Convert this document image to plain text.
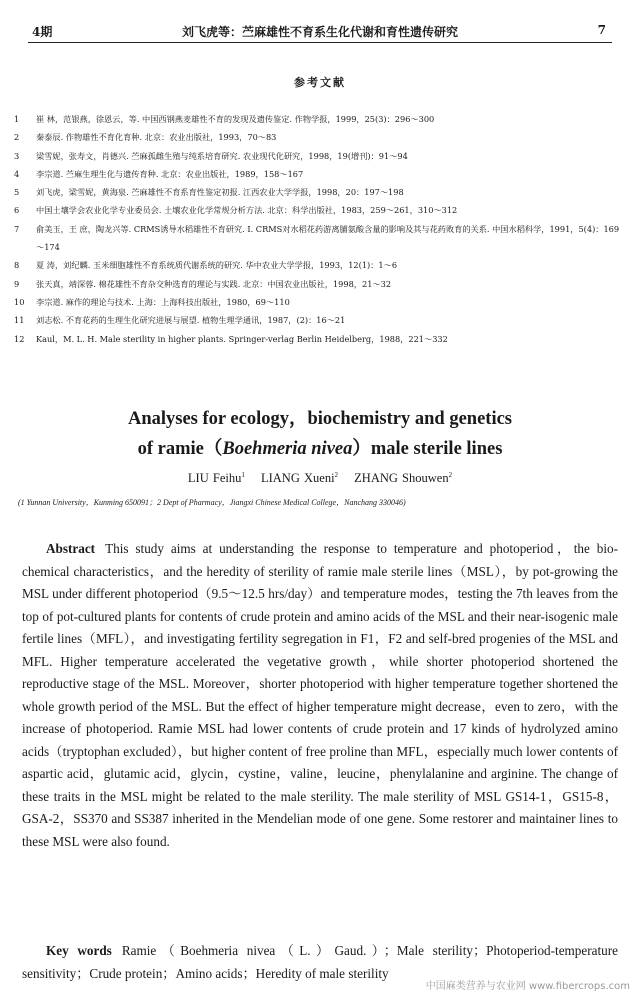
4期	刘飞虎等：苎麻雄性不育系生化代谢和育性遗传研究	7
参考文献
1	崔 林，范银燕，徐恩云，等. 中国西钢燕麦雄性不育的发现及遗传鉴定. 作物学报，1999，25(3)：296～300
2	秦泰辰. 作物雄性不育化育种. 北京：农业出版社，1993，70～83
3	梁雪妮，张寿文，肖德兴. 苎麻孤雌生殖与纯系培育研究. 农业现代化研究，1998，19(增刊)：91～94
4	李宗道. 苎麻生理生化与遗传育种. 北京：农业出版社，1989，158～167
5	刘飞虎，梁雪妮，黄海泉. 苎麻雄性不育系育性鉴定初报. 江西农业大学学报，1998，20：197～198
6	中国土壤学会农业化学专业委员会. 土壤农业化学常规分析方法. 北京：科学出版社，1983，259～261，310～312
7	俞美玉，王 庶，陶龙兴等. CRMS诱导水稻雄性不育研究. Ⅰ. CRMS对水稻花药游离脯氨酸含量的影响及其与花药败育的关系. 中国水稻科学，1991，5(4)：169～174
8	夏 涛，刘纪麟. 玉米细胞雄性不育系统质代谢系统的研究. 华中农业大学学报，1993，12(1)：1～6
9	张天真，靖深蓉. 棉花雄性不育杂交种选育的理论与实践. 北京：中国农业出版社，1998，21～32
10	李宗道. 麻作的理论与技术. 上海：上海科技出版社，1980，69～110
11	刘志松. 不育花药的生理生化研究进展与展望. 植物生理学通讯，1987，(2)：16～21
12	Kaul，M. L. H. Male sterility in higher plants. Springer-verlag Berlin Heidelberg，1988，221～332
Analyses for ecology，biochemistry and genetics
of ramie（Boehmeria nivea）male sterile lines
LIU Feihu$^1$ LIANG Xueni$^2$ ZHANG Shouwen$^2$
(1 Yunnan University，Kunming 650091；2 Dept of Pharmacy，Jiangxi Chinese Medical College，Nanchang 330046)
Abstract This study aims at understanding the response to temperature and photoperiod，the bio-chemical characteristics，and the heredity of sterility of ramie male sterile lines（MSL），by pot-growing the MSL under different photoperiod（9.5～12.5 hrs/day）and temperature modes，testing the 7th leaves from the top of pot-cultured plants for contents of crude protein and amino acids of the MSL and their near-isogenic male fertile lines（MFL），and investigating fertility segregation in F1，F2 and self-bred progenies of the MSL and MFL. Higher temperature accelerated the vegetative growth，while shorter photoperiod shortened the reproductive stage of the MSL. Moreover，shorter photoperiod with higher temperature together shortened the whole growth period of the MSL. But the effect of higher temperature might decrease，even to zero，with the increase of photoperiod. Ramie MSL had lower contents of crude protein and 17 kinds of hydrolyzed amino acids（tryptophan excluded），but higher content of free proline than MFL，especially much lower contents of aspartic acid，glutamic acid，glycin，cystine，valine，leucine，phenylalanine and arginine. The change of these traits in the MSL might be related to the male sterility. The male sterility of MSL GS14-1，GS15-8，GSA-2，SS370 and SS387 inherited in the Mendelian mode of one gene. Some restorer and maintainer lines to these MSL were also found.
Key words Ramie（Boehmeria nivea（L.）Gaud.）；Male sterility；Photoperiod-temperature sensitivity；Crude protein；Amino acids；Heredity of male sterility
中国麻类营养与农业网 www.fibercrops.com
